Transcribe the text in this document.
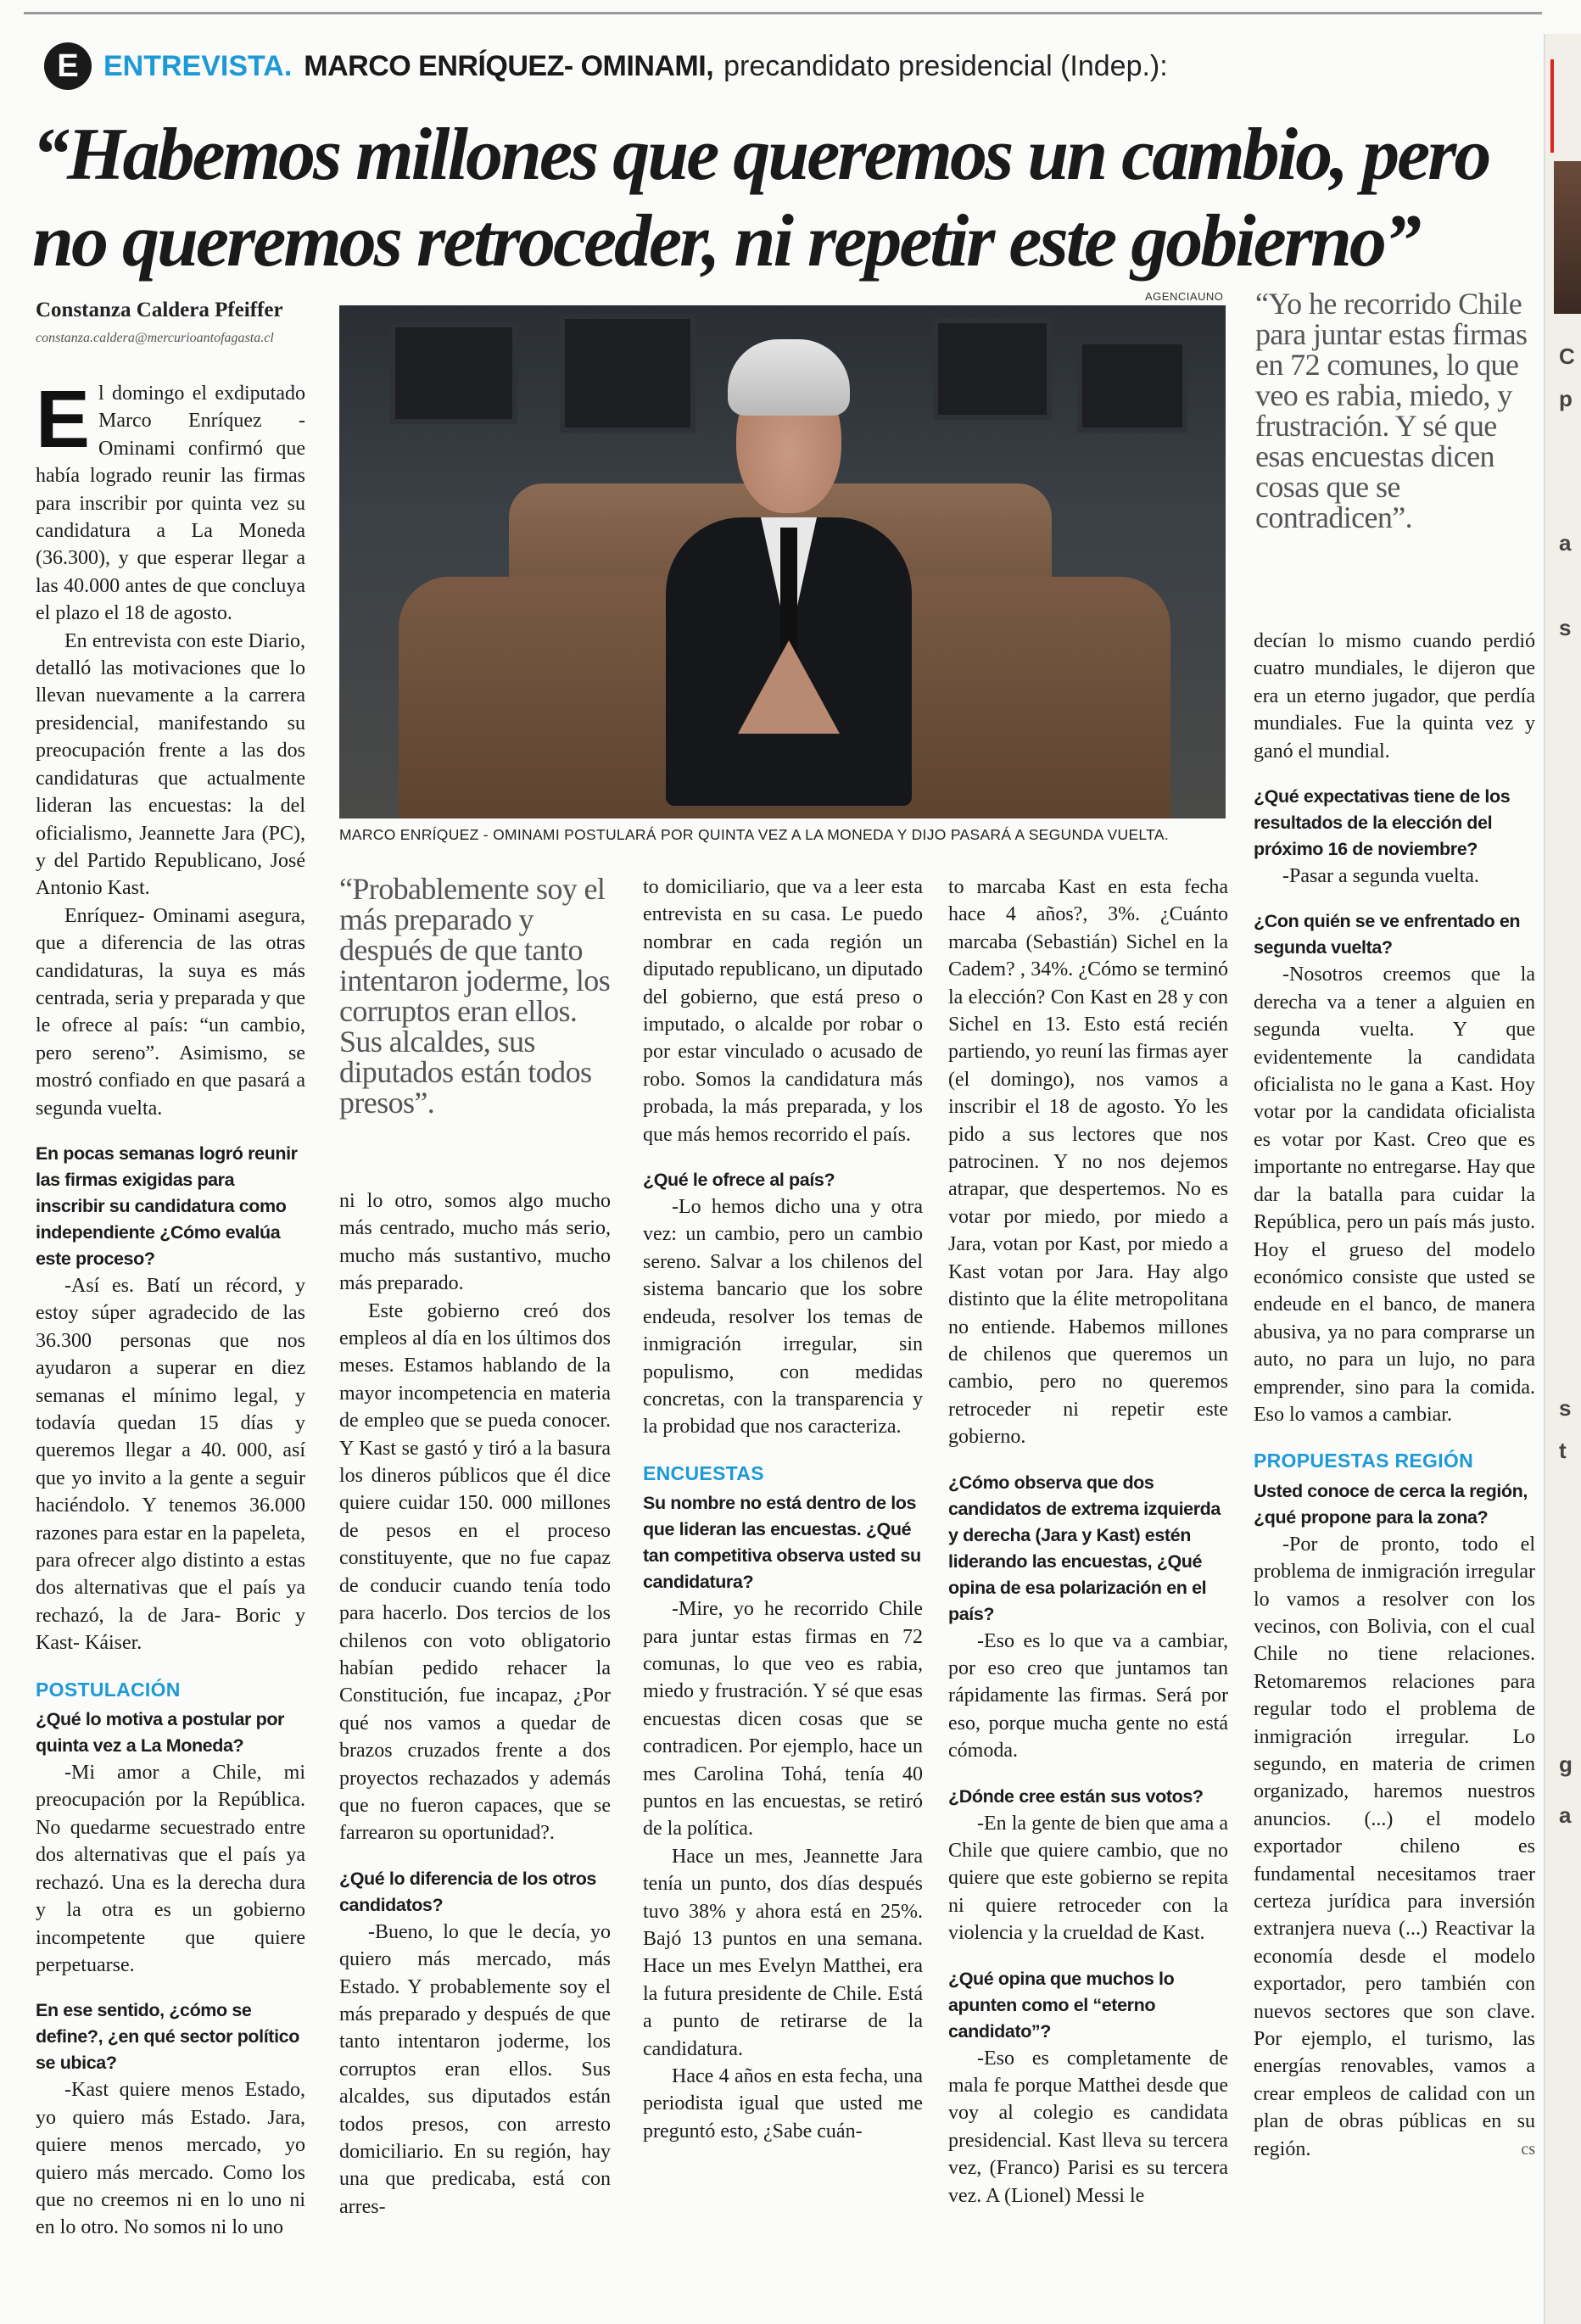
C
p
a
s
s
t
g
a
E ENTREVISTA. MARCO ENRÍQUEZ- OMINAMI, precandidato presidencial (Indep.):
“Habemos millones que queremos un cambio, pero no queremos retroceder, ni repetir este gobierno”
Constanza Caldera Pfeiffer
constanza.caldera@mercurioantofagasta.cl
AGENCIAUNO
MARCO ENRÍQUEZ - OMINAMI POSTULARÁ POR QUINTA VEZ A LA MONEDA Y DIJO PASARÁ A SEGUNDA VUELTA.
“Yo he recorrido Chile para juntar estas firmas en 72 comunes, lo que veo es rabia, miedo, y frustración. Y sé que esas encuestas dicen cosas que se contradicen”.
“Probablemente soy el más preparado y después de que tanto intentaron joderme, los corruptos eran ellos. Sus alcaldes, sus diputados están todos presos”.

El domingo el exdiputado Marco Enríquez - Ominami confirmó que había logrado reunir las firmas para inscribir por quinta vez su candidatura a La Moneda (36.300), y que esperar llegar a las 40.000 antes de que concluya el plazo el 18 de agosto.

En entrevista con este Diario, detalló las motivaciones que lo llevan nuevamente a la carrera presidencial, manifestando su preocupación frente a las dos candidaturas que actualmente lideran las encuestas: la del oficialismo, Jeannette Jara (PC), y del Partido Republicano, José Antonio Kast.

Enríquez- Ominami asegura, que a diferencia de las otras candidaturas, la suya es más centrada, seria y preparada y que le ofrece al país: “un cambio, pero sereno”. Asimismo, se mostró confiado en que pasará a segunda vuelta.

En pocas semanas logró reunir las firmas exigidas para inscribir su candidatura como independiente ¿Cómo evalúa este proceso?

-Así es. Batí un récord, y estoy súper agradecido de las 36.300 personas que nos ayudaron a superar en diez semanas el mínimo legal, y todavía quedan 15 días y queremos llegar a 40. 000, así que yo invito a la gente a seguir haciéndolo. Y tenemos 36.000 razones para estar en la papeleta, para ofrecer algo distinto a estas dos alternativas que el país ya rechazó, la de Jara- Boric y Kast- Káiser.

POSTULACIÓN
¿Qué lo motiva a postular por quinta vez a La Moneda?

-Mi amor a Chile, mi preocupación por la República. No quedarme secuestrado entre dos alternativas que el país ya rechazó. Una es la derecha dura y la otra es un gobierno incompetente que quiere perpetuarse.

En ese sentido, ¿cómo se define?, ¿en qué sector político se ubica?

-Kast quiere menos Estado, yo quiero más Estado. Jara, quiere menos mercado, yo quiero más mercado. Como los que no creemos ni en lo uno ni en lo otro. No somos ni lo uno

ni lo otro, somos algo mucho más centrado, mucho más serio, mucho más sustantivo, mucho más preparado.

Este gobierno creó dos empleos al día en los últimos dos meses. Estamos hablando de la mayor incompetencia en materia de empleo que se pueda conocer. Y Kast se gastó y tiró a la basura los dineros públicos que él dice quiere cuidar 150. 000 millones de pesos en el proceso constituyente, que no fue capaz de conducir cuando tenía todo para hacerlo. Dos tercios de los chilenos con voto obligatorio habían pedido rehacer la Constitución, fue incapaz, ¿Por qué nos vamos a quedar de brazos cruzados frente a dos proyectos rechazados y además que no fueron capaces, que se farrearon su oportunidad?.

¿Qué lo diferencia de los otros candidatos?

-Bueno, lo que le decía, yo quiero más mercado, más Estado. Y probablemente soy el más preparado y después de que tanto intentaron joderme, los corruptos eran ellos. Sus alcaldes, sus diputados están todos presos, con arresto domiciliario. En su región, hay una que predicaba, está con arres-

to domiciliario, que va a leer esta entrevista en su casa. Le puedo nombrar en cada región un diputado republicano, un diputado del gobierno, que está preso o imputado, o alcalde por robar o por estar vinculado o acusado de robo. Somos la candidatura más probada, la más preparada, y los que más hemos recorrido el país.

¿Qué le ofrece al país?

-Lo hemos dicho una y otra vez: un cambio, pero un cambio sereno. Salvar a los chilenos del sistema bancario que los sobre endeuda, resolver los temas de inmigración irregular, sin populismo, con medidas concretas, con la transparencia y la probidad que nos caracteriza.

ENCUESTAS
Su nombre no está dentro de los que lideran las encuestas. ¿Qué tan competitiva observa usted su candidatura?

-Mire, yo he recorrido Chile para juntar estas firmas en 72 comunas, lo que veo es rabia, miedo y frustración. Y sé que esas encuestas dicen cosas que se contradicen. Por ejemplo, hace un mes Carolina Tohá, tenía 40 puntos en las encuestas, se retiró de la política.

Hace un mes, Jeannette Jara tenía un punto, dos días después tuvo 38% y ahora está en 25%. Bajó 13 puntos en una semana. Hace un mes Evelyn Matthei, era la futura presidente de Chile. Está a punto de retirarse de la candidatura.

Hace 4 años en esta fecha, una periodista igual que usted me preguntó esto, ¿Sabe cuán-

to marcaba Kast en esta fecha hace 4 años?, 3%. ¿Cuánto marcaba (Sebastián) Sichel en la Cadem? , 34%. ¿Cómo se terminó la elección? Con Kast en 28 y con Sichel en 13. Esto está recién partiendo, yo reuní las firmas ayer (el domingo), nos vamos a inscribir el 18 de agosto. Yo les pido a sus lectores que nos patrocinen. Y no nos dejemos atrapar, que despertemos. No es votar por miedo, por miedo a Jara, votan por Kast, por miedo a Kast votan por Jara. Hay algo distinto que la élite metropolitana no entiende. Habemos millones de chilenos que queremos un cambio, pero no queremos retroceder ni repetir este gobierno.

¿Cómo observa que dos candidatos de extrema izquierda y derecha (Jara y Kast) estén liderando las encuestas, ¿Qué opina de esa polarización en el país?

-Eso es lo que va a cambiar, por eso creo que juntamos tan rápidamente las firmas. Será por eso, porque mucha gente no está cómoda.

¿Dónde cree están sus votos?

-En la gente de bien que ama a Chile que quiere cambio, que no quiere que este gobierno se repita ni quiere retroceder con la violencia y la crueldad de Kast.

¿Qué opina que muchos lo apunten como el “eterno candidato”?

-Eso es completamente de mala fe porque Matthei desde que voy al colegio es candidata presidencial. Kast lleva su tercera vez, (Franco) Parisi es su tercera vez. A (Lionel) Messi le

decían lo mismo cuando perdió cuatro mundiales, le dijeron que era un eterno jugador, que perdía mundiales. Fue la quinta vez y ganó el mundial.

¿Qué expectativas tiene de los resultados de la elección del próximo 16 de noviembre?

-Pasar a segunda vuelta.

¿Con quién se ve enfrentado en segunda vuelta?

-Nosotros creemos que la derecha va a tener a alguien en segunda vuelta. Y que evidentemente la candidata oficialista no le gana a Kast. Hoy votar por la candidata oficialista es votar por Kast. Creo que es importante no entregarse. Hay que dar la batalla para cuidar la República, pero un país más justo. Hoy el grueso del modelo económico consiste que usted se endeude en el banco, de manera abusiva, ya no para comprarse un auto, no para un lujo, no para emprender, sino para la comida. Eso lo vamos a cambiar.

PROPUESTAS REGIÓN
Usted conoce de cerca la región, ¿qué propone para la zona?

-Por de pronto, todo el problema de inmigración irregular lo vamos a resolver con los vecinos, con Bolivia, con el cual Chile no tiene relaciones. Retomaremos relaciones para regular todo el problema de inmigración irregular. Lo segundo, en materia de crimen organizado, haremos nuestros anuncios. (...) el modelo exportador chileno es fundamental necesitamos traer certeza jurídica para inversión extranjera nueva (...) Reactivar la economía desde el modelo exportador, pero también con nuevos sectores que son clave. Por ejemplo, el turismo, las energías renovables, vamos a crear empleos de calidad con un plan de obras públicas en su región.	cs
